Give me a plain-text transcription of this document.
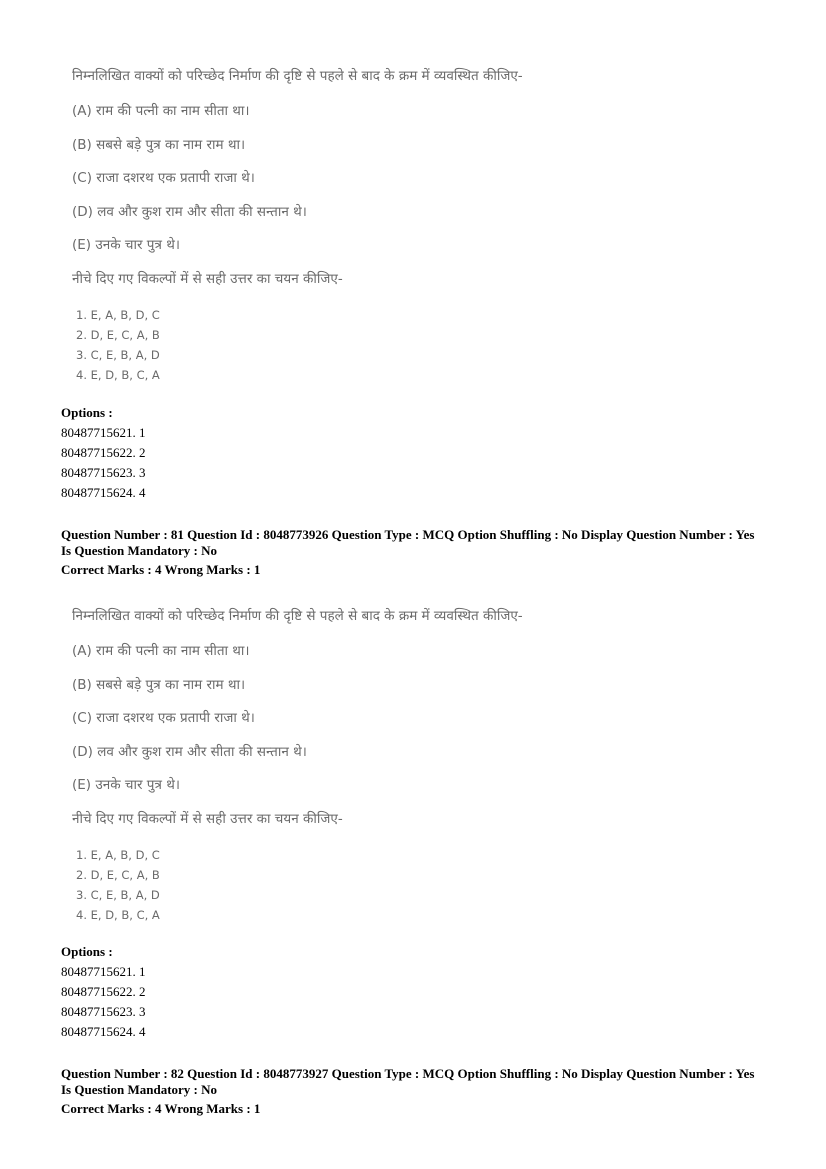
निम्नलिखित वाक्यों को परिच्छेद निर्माण की दृष्टि से पहले से बाद के क्रम में व्यवस्थित कीजिए-
(A) राम की पत्नी का नाम सीता था।
(B) सबसे बड़े पुत्र का नाम राम था।
(C) राजा दशरथ एक प्रतापी राजा थे।
(D) लव और कुश राम और सीता की सन्तान थे।
(E) उनके चार पुत्र थे।
नीचे दिए गए विकल्पों में से सही उत्तर का चयन कीजिए-
1. E, A, B, D, C
2. D, E, C, A, B
3. C, E, B, A, D
4. E, D, B, C, A
Options :
80487715621. 1
80487715622. 2
80487715623. 3
80487715624. 4
Question Number : 81 Question Id : 8048773926 Question Type : MCQ Option Shuffling : No Display Question Number : Yes
Is Question Mandatory : No
Correct Marks : 4 Wrong Marks : 1
निम्नलिखित वाक्यों को परिच्छेद निर्माण की दृष्टि से पहले से बाद के क्रम में व्यवस्थित कीजिए-
(A) राम की पत्नी का नाम सीता था।
(B) सबसे बड़े पुत्र का नाम राम था।
(C) राजा दशरथ एक प्रतापी राजा थे।
(D) लव और कुश राम और सीता की सन्तान थे।
(E) उनके चार पुत्र थे।
नीचे दिए गए विकल्पों में से सही उत्तर का चयन कीजिए-
1. E, A, B, D, C
2. D, E, C, A, B
3. C, E, B, A, D
4. E, D, B, C, A
Options :
80487715621. 1
80487715622. 2
80487715623. 3
80487715624. 4
Question Number : 82 Question Id : 8048773927 Question Type : MCQ Option Shuffling : No Display Question Number : Yes
Is Question Mandatory : No
Correct Marks : 4 Wrong Marks : 1
